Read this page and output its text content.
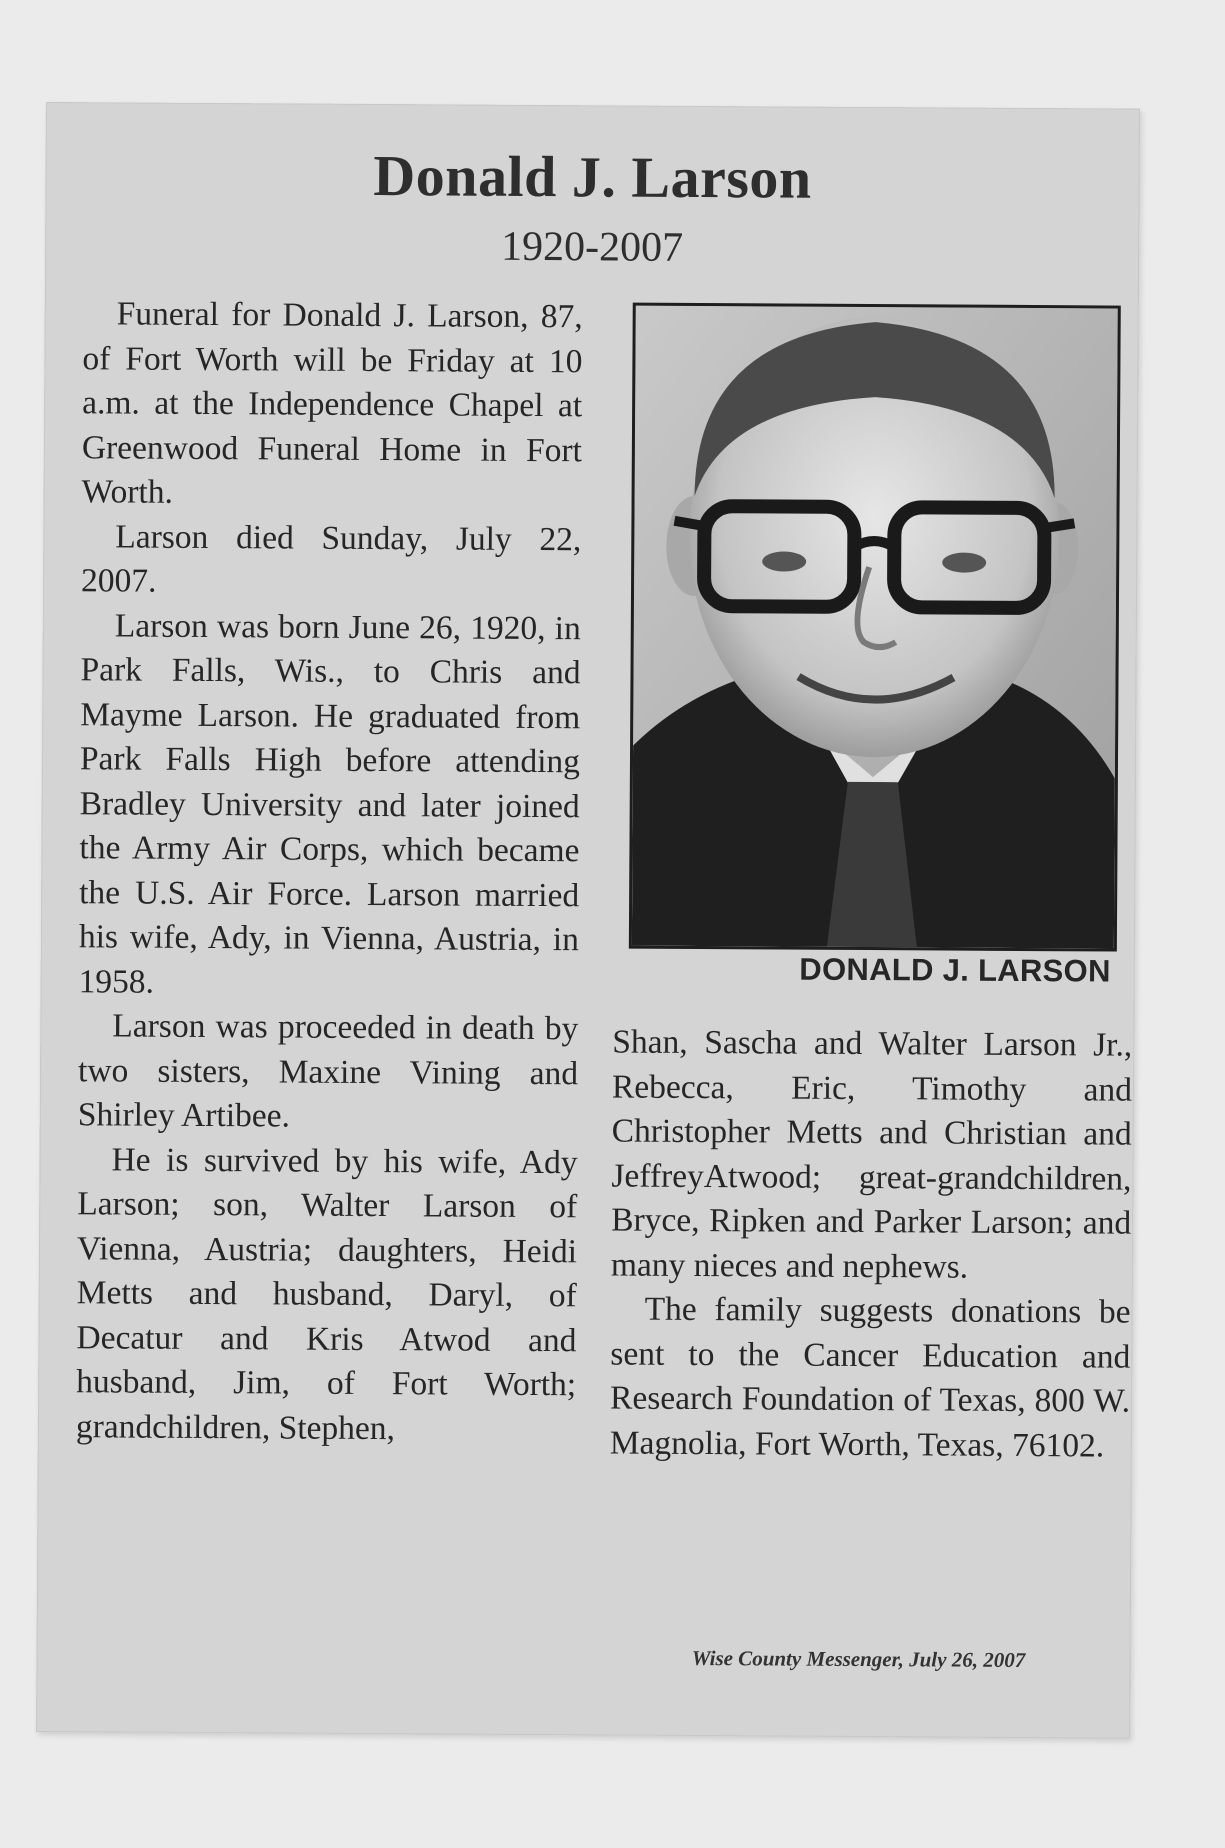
Donald J. Larson
1920-2007

Funeral for Donald J. Larson, 87, of Fort Worth will be Friday at 10 a.m. at the Independence Chapel at Greenwood Funeral Home in Fort Worth.

Larson died Sunday, July 22, 2007.

Larson was born June 26, 1920, in Park Falls, Wis., to Chris and Mayme Larson. He graduated from Park Falls High before attending Bradley University and later joined the Army Air Corps, which became the U.S. Air Force. Larson married his wife, Ady, in Vienna, Austria, in 1958.

Larson was proceeded in death by two sisters, Maxine Vining and Shirley Artibee.

He is survived by his wife, Ady Larson; son, Walter Larson of Vienna, Austria; daughters, Heidi Metts and husband, Daryl, of Decatur and Kris Atwod and husband, Jim, of Fort Worth; grandchildren, Stephen,

DONALD J. LARSON

Shan, Sascha and Walter Larson Jr., Rebecca, Eric, Timothy and Christopher Metts and Christian and JeffreyAtwood; great-grandchildren, Bryce, Ripken and Parker Larson; and many nieces and nephews.

The family suggests donations be sent to the Cancer Education and Research Foundation of Texas, 800 W. Magnolia, Fort Worth, Texas, 76102.

Wise County Messenger, July 26, 2007
